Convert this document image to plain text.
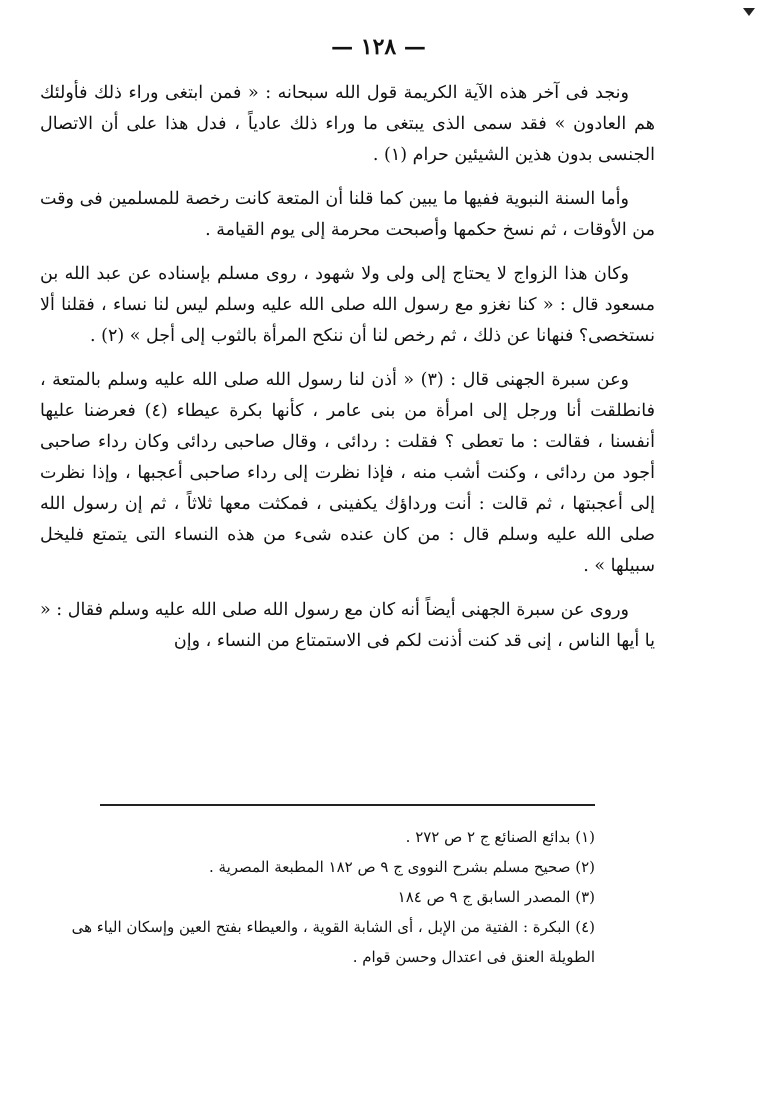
— ١٢٨ —

ونجد فى آخر هذه الآية الكريمة قول الله سبحانه : « فمن ابتغى وراء ذلك فأولئك هم العادون » فقد سمى الذى يبتغى ما وراء ذلك عادياً ، فدل هذا على أن الاتصال الجنسى بدون هذين الشيئين حرام (١) .

وأما السنة النبوية ففيها ما يبين كما قلنا أن المتعة كانت رخصة للمسلمين فى وقت من الأوقات ، ثم نسخ حكمها وأصبحت محرمة إلى يوم القيامة .

وكان هذا الزواج لا يحتاج إلى ولى ولا شهود ، روى مسلم بإسناده عن عبد الله بن مسعود قال : « كنا نغزو مع رسول الله صلى الله عليه وسلم ليس لنا نساء ، فقلنا ألا نستخصى؟ فنهانا عن ذلك ، ثم رخص لنا أن ننكح المرأة بالثوب إلى أجل » (٢) .

وعن سبرة الجهنى قال : (٣) « أذن لنا رسول الله صلى الله عليه وسلم بالمتعة ، فانطلقت أنا ورجل إلى امرأة من بنى عامر ، كأنها بكرة عيطاء (٤) فعرضنا عليها أنفسنا ، فقالت : ما تعطى ؟ فقلت : ردائى ، وقال صاحبى ردائى وكان رداء صاحبى أجود من ردائى ، وكنت أشب منه ، فإذا نظرت إلى رداء صاحبى أعجبها ، وإذا نظرت إلى أعجبتها ، ثم قالت : أنت ورداؤك يكفينى ، فمكثت معها ثلاثاً ، ثم إن رسول الله صلى الله عليه وسلم قال : من كان عنده شىء من هذه النساء التى يتمتع فليخل سبيلها » .

وروى عن سبرة الجهنى أيضاً أنه كان مع رسول الله صلى الله عليه وسلم فقال : « يا أيها الناس ، إنى قد كنت أذنت لكم فى الاستمتاع من النساء ، وإن

(١) بدائع الصنائع ج ٢ ص ٢٧٢ .

(٢) صحيح مسلم بشرح النووى ج ٩ ص ١٨٢ المطبعة المصرية .

(٣) المصدر السابق ج ٩ ص ١٨٤

(٤) البكرة : الفتية من الإبل ، أى الشابة القوية ، والعيطاء بفتح العين وإسكان الياء هى الطويلة العنق فى اعتدال وحسن قوام .
